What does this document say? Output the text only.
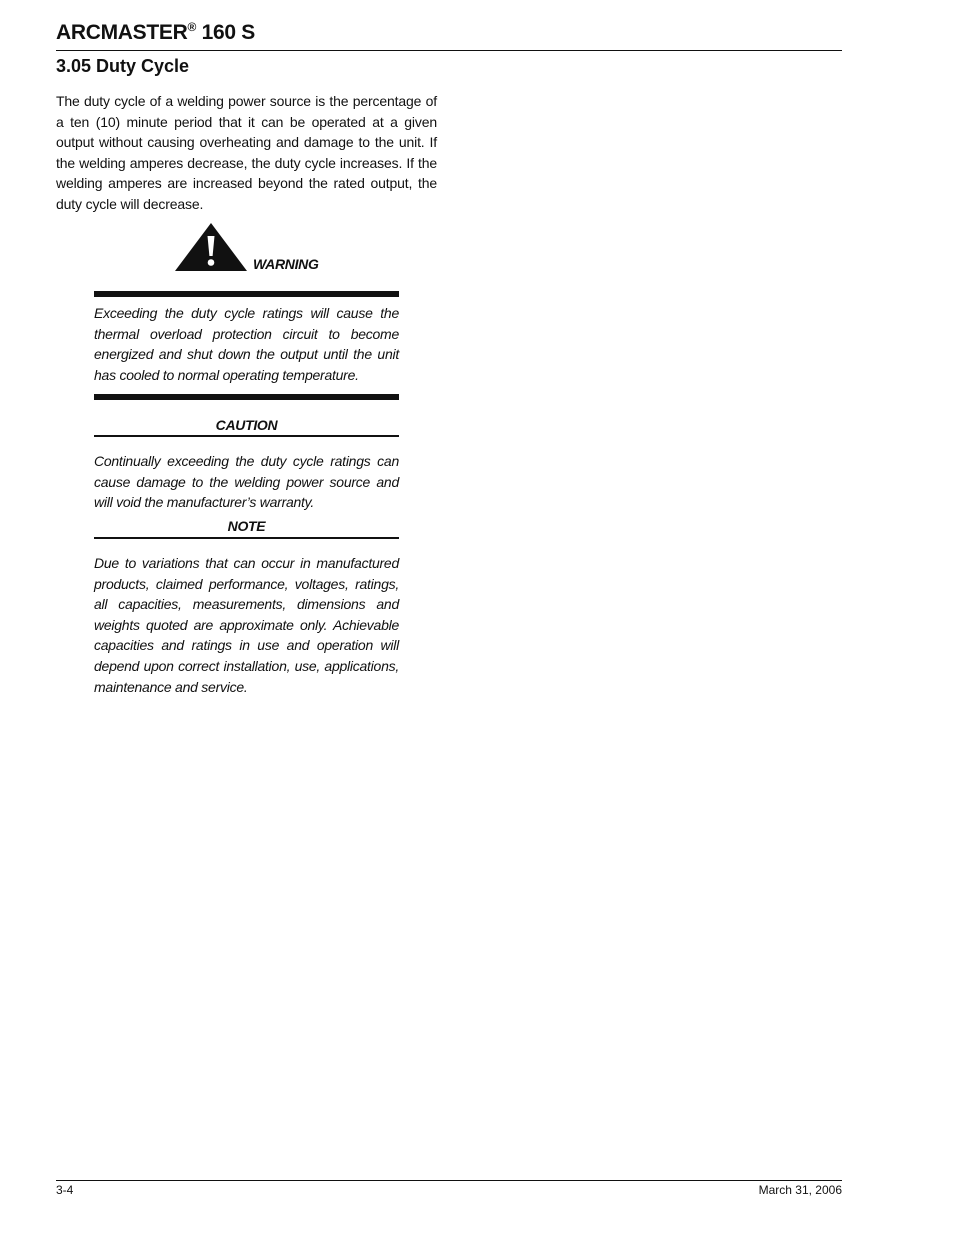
ARCMASTER® 160 S
3.05 Duty Cycle

The duty cycle of a welding power source is the percentage of a ten (10) minute period that it can be operated at a given output without causing overheating and damage to the unit. If the welding amperes decrease, the duty cycle increases. If the welding amperes are increased beyond the rated output, the duty cycle will decrease.

WARNING

Exceeding the duty cycle ratings will cause the thermal overload protection circuit to become energized and shut down the output until the unit has cooled to normal operating temperature.

CAUTION

Continually exceeding the duty cycle ratings can cause damage to the welding power source and will void the manufacturer’s warranty.

NOTE

Due to variations that can occur in manufactured products, claimed performance, voltages, ratings, all capacities, measurements, dimensions and weights quoted are approximate only. Achievable capacities and ratings in use and operation will depend upon correct installation, use, applications, maintenance and service.

3-4	March 31, 2006
